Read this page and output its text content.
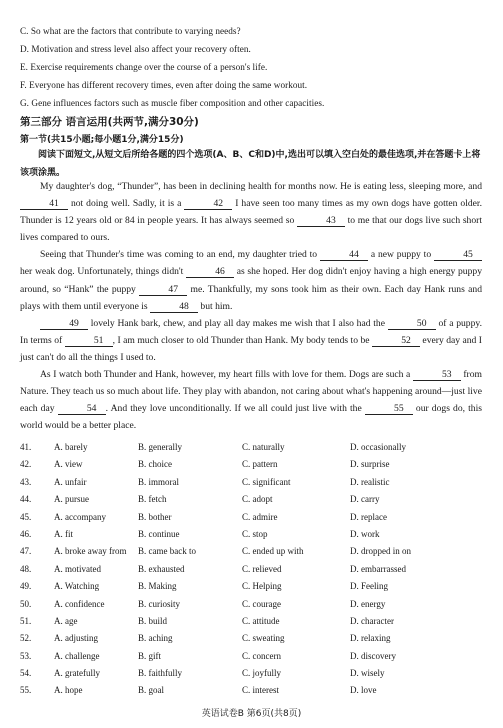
C. So what are the factors that contribute to varying needs?
D. Motivation and stress level also affect your recovery often.
E. Exercise requirements change over the course of a person's life.
F. Everyone has different recovery times, even after doing the same workout.
G. Gene influences factors such as muscle fiber composition and other capacities.
第三部分 语言运用(共两节,满分30分)
第一节(共15小题;每小题1分,满分15分)
阅读下面短文,从短文后所给各题的四个选项(A、B、C和D)中,选出可以填入空白处的最佳选项,并在答题卡上将该项涂黑。

My daughter's dog, “Thunder”, has been in declining health for months now. He is eating less, sleeping more, and 41 not doing well. Sadly, it is a	42 I have seen too many times as my own dogs have gotten older. Thunder is 12 years old or 84 in people years. It has always seemed so	43 to me that our dogs live such short lives compared to ours.

Seeing that Thunder's time was coming to an end, my daughter tried to	44 a new puppy to	45 her weak dog. Unfortunately, things didn't	46 as she hoped. Her dog didn't enjoy having a high energy puppy around, so “Hank” the puppy	47 me. Thankfully, my sons took him as their own. Each day Hank runs and plays with them until everyone is	48 but him.

49 lovely Hank bark, chew, and play all day makes me wish that I also had the	50 of a puppy. In terms of	51 , I am much closer to old Thunder than Hank. My body tends to be	52 every day and I just can't do all the things I used to.

As I watch both Thunder and Hank, however, my heart fills with love for them. Dogs are such a	53 from Nature. They teach us so much about life. They play with abandon, not caring about what's happening around—just live each day	54 . And they love unconditionally. If we all could just live with the	55 our dogs do, this world would be a better place.

41.	A. barely	B. generally	C. naturally	D. occasionally
42.	A. view	B. choice	C. pattern	D. surprise
43.	A. unfair	B. immoral	C. significant	D. realistic
44.	A. pursue	B. fetch	C. adopt	D. carry
45.	A. accompany	B. bother	C. admire	D. replace
46.	A. fit	B. continue	C. stop	D. work
47.	A. broke away from B. came back to	C. ended up with	D. dropped in on
48.	A. motivated	B. exhausted	C. relieved	D. embarrassed
49.	A. Watching	B. Making	C. Helping	D. Feeling
50.	A. confidence	B. curiosity	C. courage	D. energy
51.	A. age	B. build	C. attitude	D. character
52.	A. adjusting	B. aching	C. sweating	D. relaxing
53.	A. challenge	B. gift	C. concern	D. discovery
54.	A. gratefully	B. faithfully	C. joyfully	D. wisely
55.	A. hope	B. goal	C. interest	D. love
英语试卷B 第6页(共8页)
